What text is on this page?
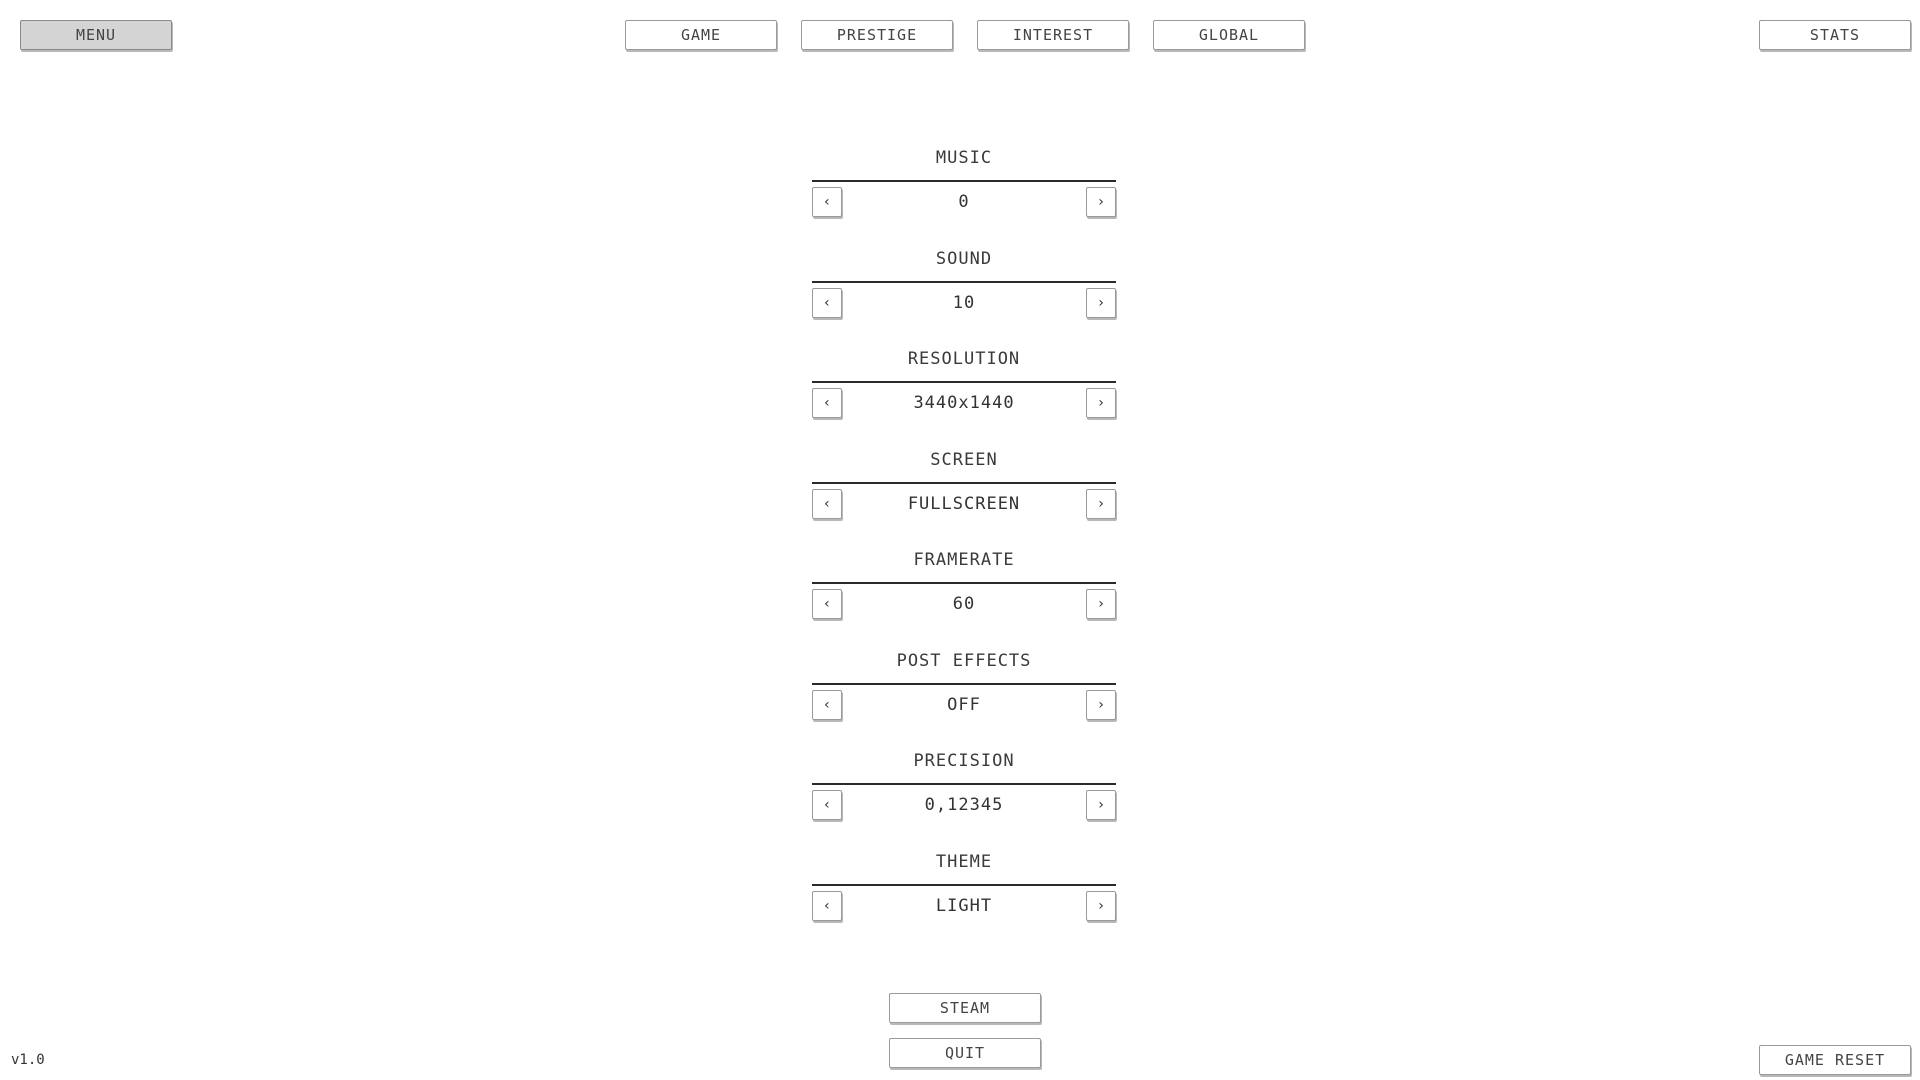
MENU	GAME	PRESTIGE	INTEREST	GLOBAL	STATS
MUSIC
‹	0	›
SOUND
‹	10	›
RESOLUTION
‹	3440x1440	›
SCREEN
‹	FULLSCREEN	›
FRAMERATE
‹	60	›
POST EFFECTS
‹	OFF	›
PRECISION
‹	0,12345	›
THEME
‹	LIGHT	›
STEAM
QUIT	GAME RESET
v1.0
